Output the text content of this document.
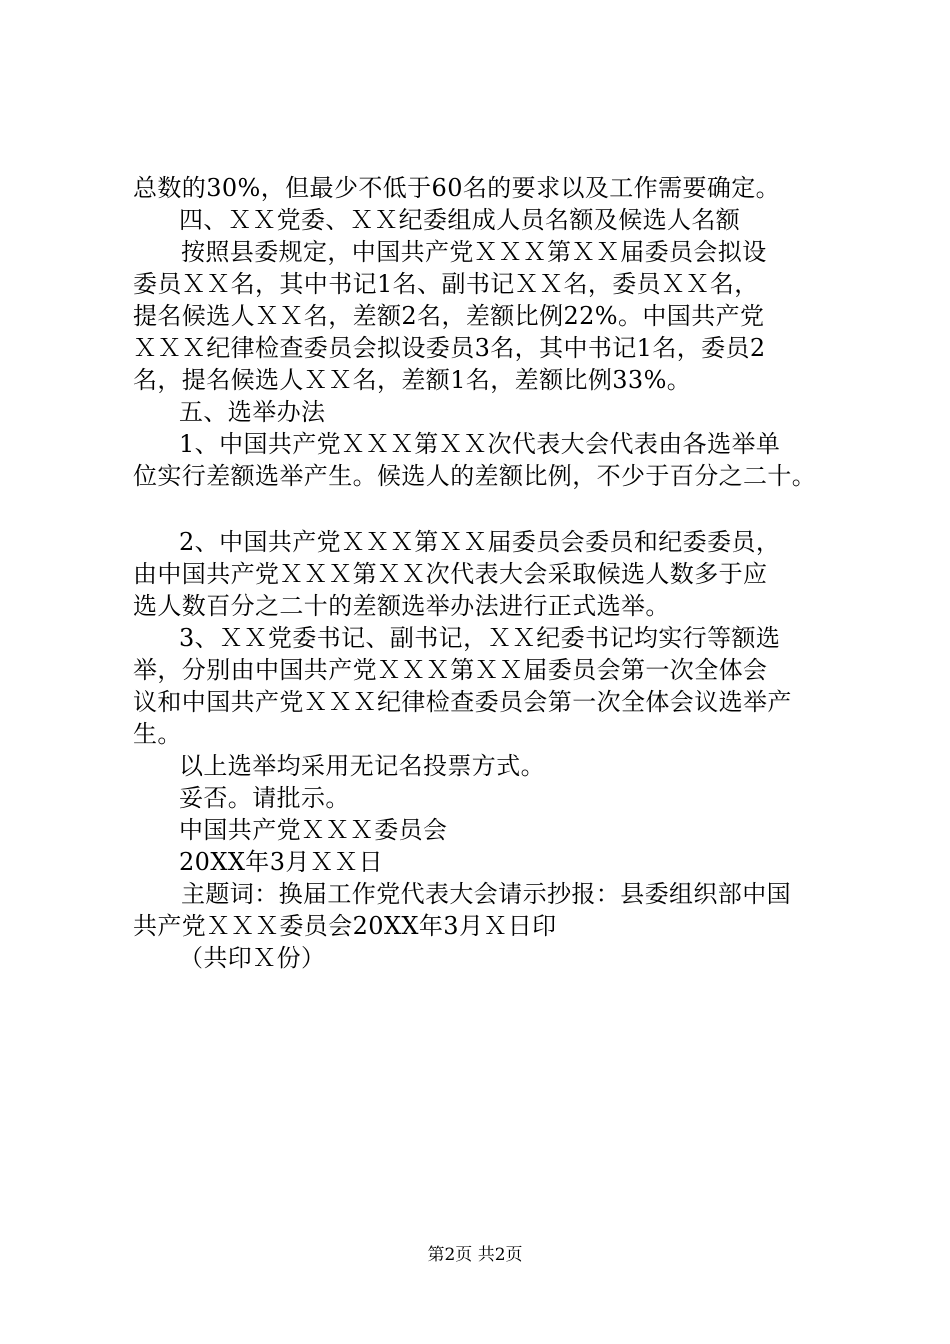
总数的30%，但最少不低于60名的要求以及工作需要确定。
四、ＸＸ党委、ＸＸ纪委组成人员名额及候选人名额
按照县委规定，中国共产党ＸＸＸ第ＸＸ届委员会拟设
委员ＸＸ名，其中书记1名、副书记ＸＸ名，委员ＸＸ名，
提名候选人ＸＸ名，差额2名，差额比例22%。中国共产党
ＸＸＸ纪律检查委员会拟设委员3名，其中书记1名，委员2
名，提名候选人ＸＸ名，差额1名，差额比例33%。
五、选举办法
1、中国共产党ＸＸＸ第ＸＸ次代表大会代表由各选举单
位实行差额选举产生。候选人的差额比例，不少于百分之二十。
2、中国共产党ＸＸＸ第ＸＸ届委员会委员和纪委委员，
由中国共产党ＸＸＸ第ＸＸ次代表大会采取候选人数多于应
选人数百分之二十的差额选举办法进行正式选举。
3、ＸＸ党委书记、副书记，ＸＸ纪委书记均实行等额选
举，分别由中国共产党ＸＸＸ第ＸＸ届委员会第一次全体会
议和中国共产党ＸＸＸ纪律检查委员会第一次全体会议选举产
生。
以上选举均采用无记名投票方式。
妥否。请批示。
中国共产党ＸＸＸ委员会
20XX年3月ＸＸ日
主题词：换届工作党代表大会请示抄报：县委组织部中国
共产党ＸＸＸ委员会20XX年3月Ｘ日印
（共印Ｘ份）
第2页 共2页
